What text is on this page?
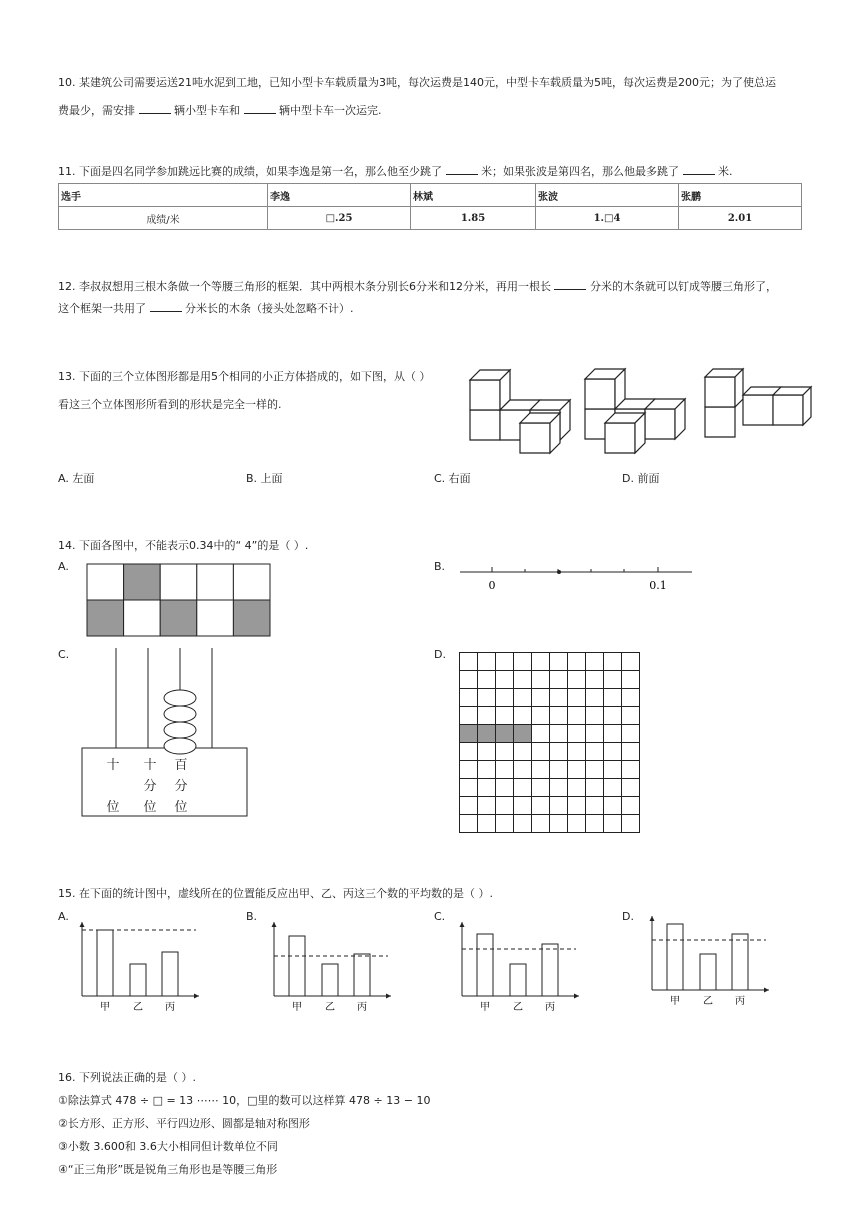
10. 某建筑公司需要运送21吨水泥到工地，已知小型卡车载质量为3吨，每次运费是140元，中型卡车载质量为5吨，每次运费是200元；为了使总运
费最少，需安排	辆小型卡车和	辆中型卡车一次运完.
11. 下面是四名同学参加跳远比赛的成绩，如果李逸是第一名，那么他至少跳了	米；如果张波是第四名，那么他最多跳了	米.
选手	李逸	林斌	张波	张鹏
成绩/米	□.25	1.85	1.□4	2.01
12. 李叔叔想用三根木条做一个等腰三角形的框架．其中两根木条分别长6分米和12分米，再用一根长	分米的木条就可以钉成等腰三角形了，
这个框架一共用了	分米长的木条（接头处忽略不计）.
13. 下面的三个立体图形都是用5个相同的小正方体搭成的，如下图，从（ ）
看这三个立体图形所看到的形状是完全一样的.
A. 左面	B. 上面	C. 右面	D. 前面
14. 下面各图中，不能表示0.34中的“ 4”的是（ ）.
A.	B.
0	0.1
C.
十 十 百
分 分
位 位 位
D.
15. 在下面的统计图中，虚线所在的位置能反应出甲、乙、丙这三个数的平均数的是（ ）.
A.	B.	C.	D.
甲 乙 丙	甲 乙 丙	甲 乙 丙
甲 乙 丙
16. 下列说法正确的是（ ）.
①除法算式 478 ÷ □ = 13 ⋯⋯ 10，□里的数可以这样算 478 ÷ 13 − 10
②长方形、正方形、平行四边形、圆都是轴对称图形
③小数 3.600和 3.6大小相同但计数单位不同
④“正三角形”既是锐角三角形也是等腰三角形
